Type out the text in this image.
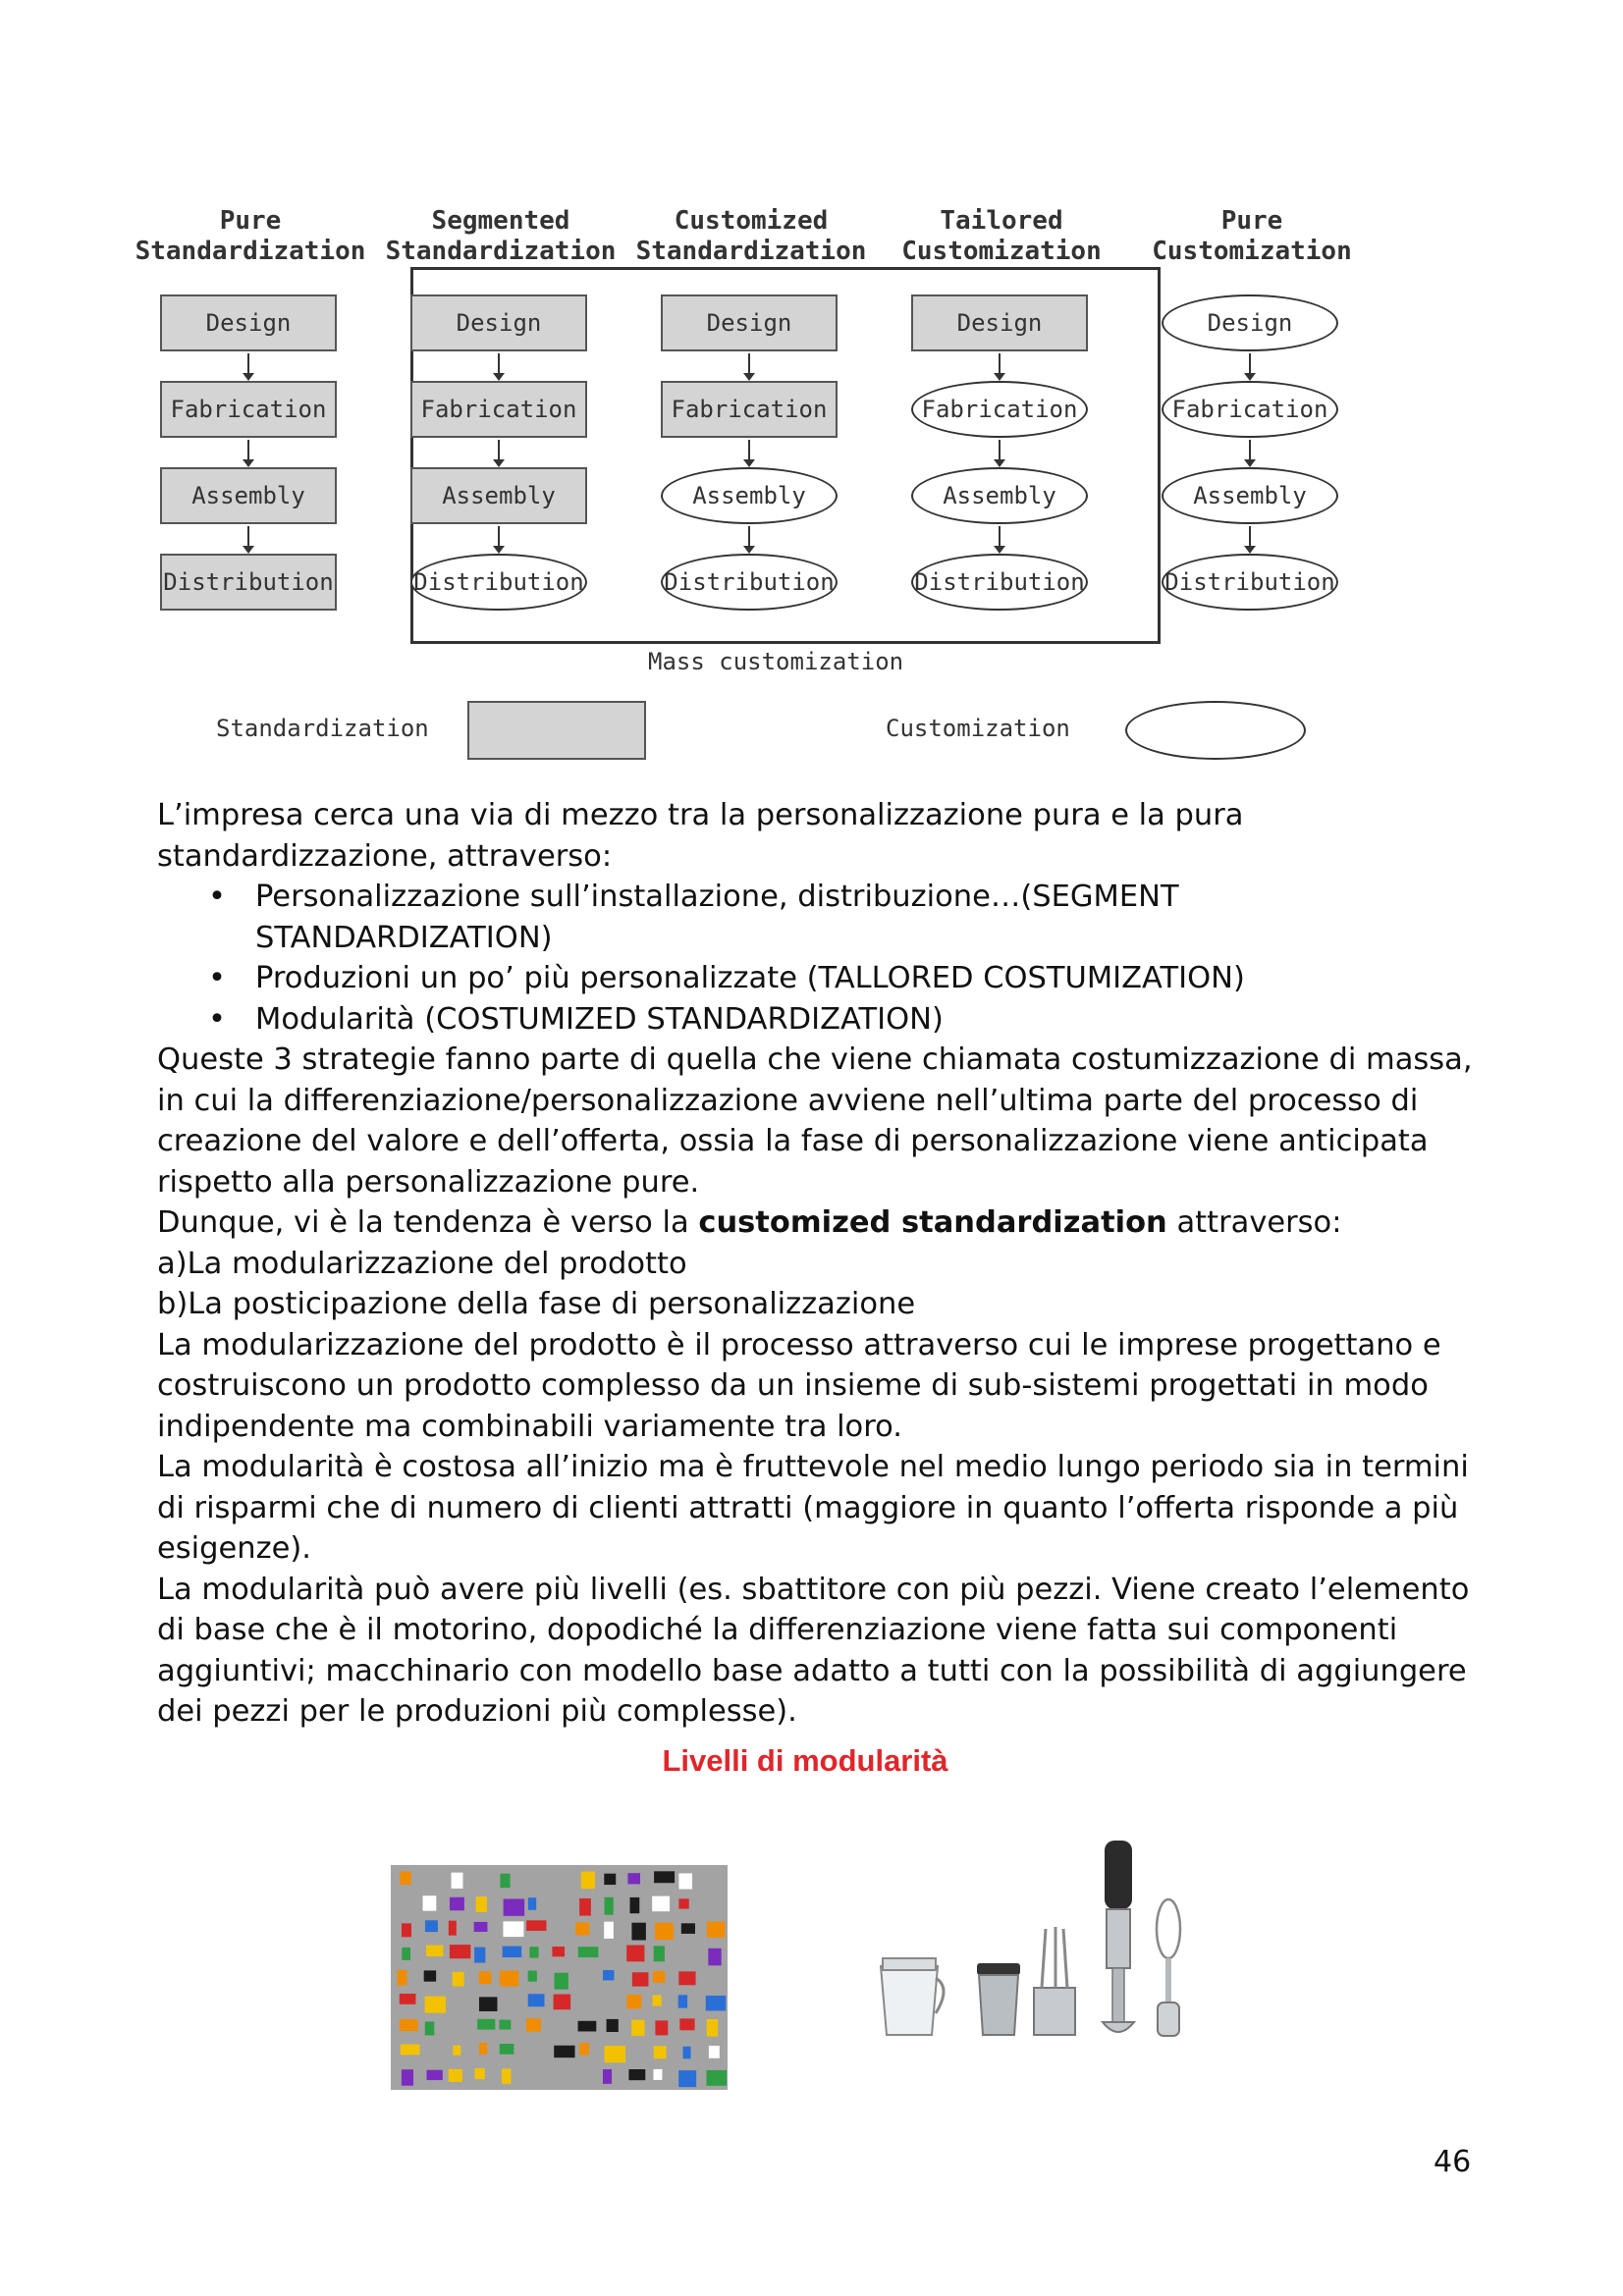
Pure
Standardization
Design
Fabrication
Assembly
Distribution
Segmented
Standardization
Design
Fabrication
Assembly
Distribution
Customized
Standardization
Design
Fabrication
Assembly
Distribution
Tailored
Customization
Design
Fabrication
Assembly
Distribution
Pure
Customization
Design
Fabrication
Assembly
Distribution
Mass customization
Standardization	Customization

L’impresa cerca una via di mezzo tra la personalizzazione pura e la pura standardizzazione, attraverso:

• Personalizzazione sull’installazione, distribuzione…(SEGMENT STANDARDIZATION)
• Produzioni un po’ più personalizzate (TALLORED COSTUMIZATION)
• Modularità (COSTUMIZED STANDARDIZATION)

Queste 3 strategie fanno parte di quella che viene chiamata costumizzazione di massa, in cui la differenziazione/personalizzazione avviene nell’ultima parte del processo di creazione del valore e dell’offerta, ossia la fase di personalizzazione viene anticipata rispetto alla personalizzazione pure.

Dunque, vi è la tendenza è verso la customized standardization attraverso:

a)La modularizzazione del prodotto

b)La posticipazione della fase di personalizzazione

La modularizzazione del prodotto è il processo attraverso cui le imprese progettano e costruiscono un prodotto complesso da un insieme di sub-sistemi progettati in modo indipendente ma combinabili variamente tra loro.

La modularità è costosa all’inizio ma è fruttevole nel medio lungo periodo sia in termini di risparmi che di numero di clienti attratti (maggiore in quanto l’offerta risponde a più esigenze).

La modularità può avere più livelli (es. sbattitore con più pezzi. Viene creato l’elemento di base che è il motorino, dopodiché la differenziazione viene fatta sui componenti aggiuntivi; macchinario con modello base adatto a tutti con la possibilità di aggiungere dei pezzi per le produzioni più complesse).

Livelli di modularità
46
